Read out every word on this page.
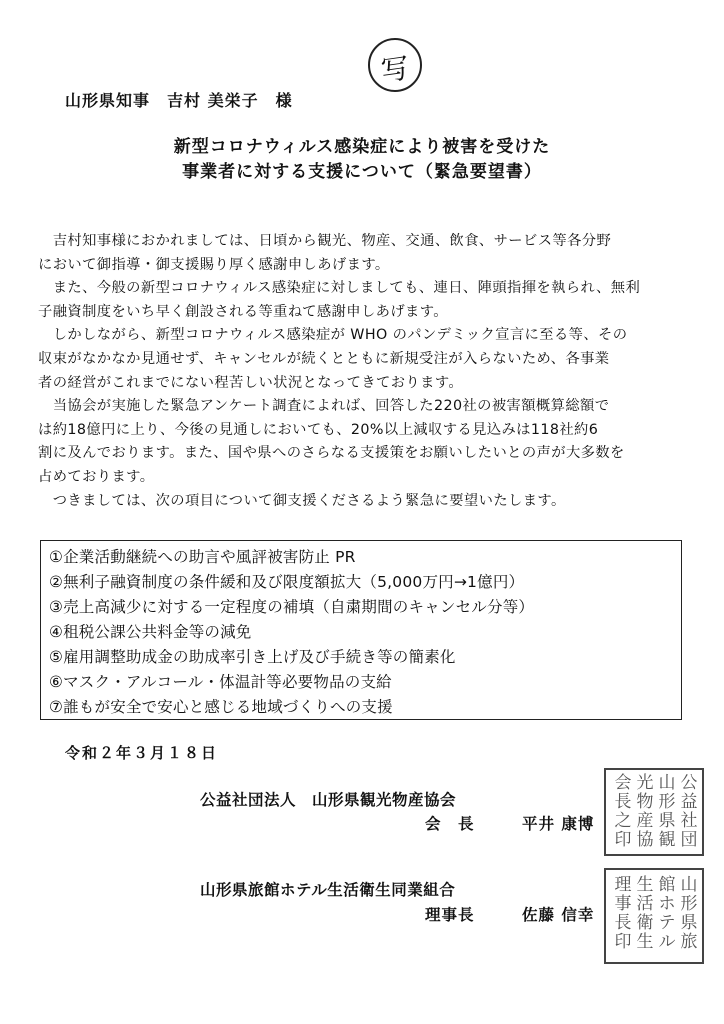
写
山形県知事　吉村 美栄子　様
新型コロナウィルス感染症により被害を受けた
事業者に対する支援について（緊急要望書）
　吉村知事様におかれましては、日頃から観光、物産、交通、飲食、サービス等各分野
において御指導・御支援賜り厚く感謝申しあげます。
　また、今般の新型コロナウィルス感染症に対しましても、連日、陣頭指揮を執られ、無利
子融資制度をいち早く創設される等重ねて感謝申しあげます。
　しかしながら、新型コロナウィルス感染症が WHO のパンデミック宣言に至る等、その
収束がなかなか見通せず、キャンセルが続くとともに新規受注が入らないため、各事業
者の経営がこれまでにない程苦しい状況となってきております。
　当協会が実施した緊急アンケート調査によれば、回答した220社の被害額概算総額で
は約18億円に上り、今後の見通しにおいても、20%以上減収する見込みは118社約6
割に及んでおります。また、国や県へのさらなる支援策をお願いしたいとの声が大多数を
占めております。
　つきましては、次の項目について御支援くださるよう緊急に要望いたします。
①企業活動継続への助言や風評被害防止 PR
②無利子融資制度の条件緩和及び限度額拡大（5,000万円→1億円）
③売上高減少に対する一定程度の補填（自粛期間のキャンセル分等）
④租税公課公共料金等の減免
⑤雇用調整助成金の助成率引き上げ及び手続き等の簡素化
⑥マスク・アルコール・体温計等必要物品の支給
⑦誰もが安全で安心と感じる地域づくりへの支援
令和２年３月１８日
公益社団法人　山形県観光物産協会
会　長	平井 康博
山形県旅館ホテル生活衛生同業組合
理事長	佐藤 信幸
公益社団
山形県観
光物産協
会長之印
山形県旅
館ホテル
生活衛生
理事長印
